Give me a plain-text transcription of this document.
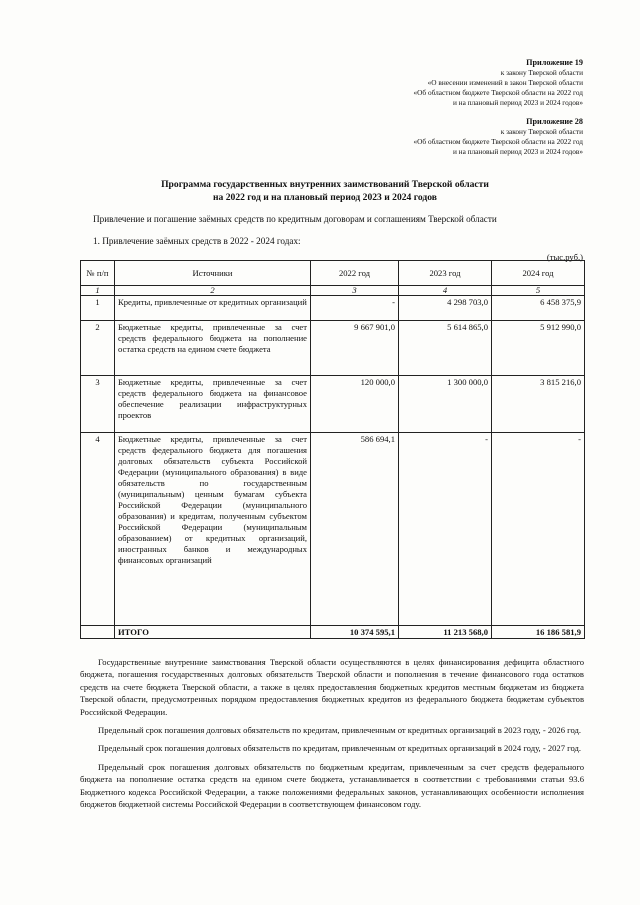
Приложение 19
к закону Тверской области
«О внесении изменений в закон Тверской области
«Об областном бюджете Тверской области на 2022 год
и на плановый период 2023 и 2024 годов»
Приложение 28
к закону Тверской области
«Об областном бюджете Тверской области на 2022 год
и на плановый период 2023 и 2024 годов»
Программа государственных внутренних заимствований Тверской области
на 2022 год и на плановый период 2023 и 2024 годов
Привлечение и погашение заёмных средств по кредитным договорам и соглашениям Тверской области
1. Привлечение заёмных средств в 2022 - 2024 годах:
(тыс.руб.)
№ п/п	Источники	2022 год	2023 год	2024 год
1	2	3	4	5
1	Кредиты, привлеченные от кредитных организаций	-	4 298 703,0	6 458 375,9
2	Бюджетные кредиты, привлеченные за счет средств федерального бюджета на пополнение остатка средств на едином счете бюджета	9 667 901,0	5 614 865,0	5 912 990,0
3	Бюджетные кредиты, привлеченные за счет средств федерального бюджета на финансовое обеспечение реализации инфраструктурных проектов	120 000,0	1 300 000,0	3 815 216,0
4	Бюджетные кредиты, привлеченные за счет средств федерального бюджета для погашения долговых обязательств субъекта Российской Федерации (муниципального образования) в виде обязательств по государственным (муниципальным) ценным бумагам субъекта Российской Федерации (муниципального образования) и кредитам, полученным субъектом Российской Федерации (муниципальным образованием) от кредитных организаций, иностранных банков и международных финансовых организаций	586 694,1	-	-
	ИТОГО	10 374 595,1	11 213 568,0	16 186 581,9

Государственные внутренние заимствования Тверской области осуществляются в целях финансирования дефицита областного бюджета, погашения государственных долговых обязательств Тверской области и пополнения в течение финансового года остатков средств на счете бюджета Тверской области, а также в целях предоставления бюджетных кредитов местным бюджетам из бюджета Тверской области, предусмотренных порядком предоставления бюджетных кредитов из федерального бюджета бюджетам субъектов Российской Федерации.

Предельный срок погашения долговых обязательств по кредитам, привлеченным от кредитных организаций в 2023 году, - 2026 год.

Предельный срок погашения долговых обязательств по кредитам, привлеченным от кредитных организаций в 2024 году, - 2027 год.

Предельный срок погашения долговых обязательств по бюджетным кредитам, привлеченным за счет средств федерального бюджета на пополнение остатка средств на едином счете бюджета, устанавливается в соответствии с требованиями статьи 93.6 Бюджетного кодекса Российской Федерации, а также положениями федеральных законов, устанавливающих особенности исполнения бюджетов бюджетной системы Российской Федерации в соответствующем финансовом году.
